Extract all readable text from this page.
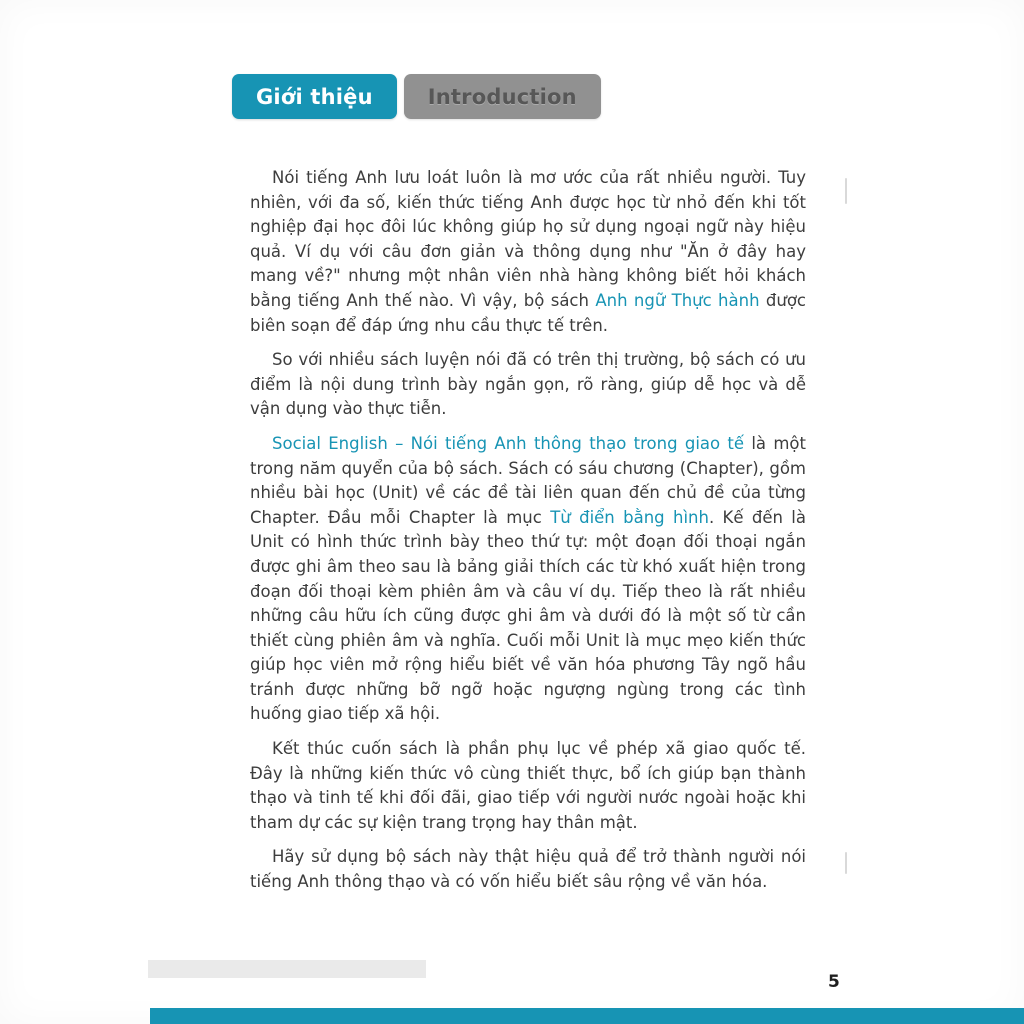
Giới thiệu	Introduction

Nói tiếng Anh lưu loát luôn là mơ ước của rất nhiều người. Tuy nhiên, với đa số, kiến thức tiếng Anh được học từ nhỏ đến khi tốt nghiệp đại học đôi lúc không giúp họ sử dụng ngoại ngữ này hiệu quả. Ví dụ với câu đơn giản và thông dụng như "Ăn ở đây hay mang về?" nhưng một nhân viên nhà hàng không biết hỏi khách bằng tiếng Anh thế nào. Vì vậy, bộ sách Anh ngữ Thực hành được biên soạn để đáp ứng nhu cầu thực tế trên.

So với nhiều sách luyện nói đã có trên thị trường, bộ sách có ưu điểm là nội dung trình bày ngắn gọn, rõ ràng, giúp dễ học và dễ vận dụng vào thực tiễn.

Social English – Nói tiếng Anh thông thạo trong giao tế là một trong năm quyển của bộ sách. Sách có sáu chương (Chapter), gồm nhiều bài học (Unit) về các đề tài liên quan đến chủ đề của từng Chapter. Đầu mỗi Chapter là mục Từ điển bằng hình. Kế đến là Unit có hình thức trình bày theo thứ tự: một đoạn đối thoại ngắn được ghi âm theo sau là bảng giải thích các từ khó xuất hiện trong đoạn đối thoại kèm phiên âm và câu ví dụ. Tiếp theo là rất nhiều những câu hữu ích cũng được ghi âm và dưới đó là một số từ cần thiết cùng phiên âm và nghĩa. Cuối mỗi Unit là mục mẹo kiến thức giúp học viên mở rộng hiểu biết về văn hóa phương Tây ngõ hầu tránh được những bỡ ngỡ hoặc ngượng ngùng trong các tình huống giao tiếp xã hội.

Kết thúc cuốn sách là phần phụ lục về phép xã giao quốc tế. Đây là những kiến thức vô cùng thiết thực, bổ ích giúp bạn thành thạo và tinh tế khi đối đãi, giao tiếp với người nước ngoài hoặc khi tham dự các sự kiện trang trọng hay thân mật.

Hãy sử dụng bộ sách này thật hiệu quả để trở thành người nói tiếng Anh thông thạo và có vốn hiểu biết sâu rộng về văn hóa.

5
